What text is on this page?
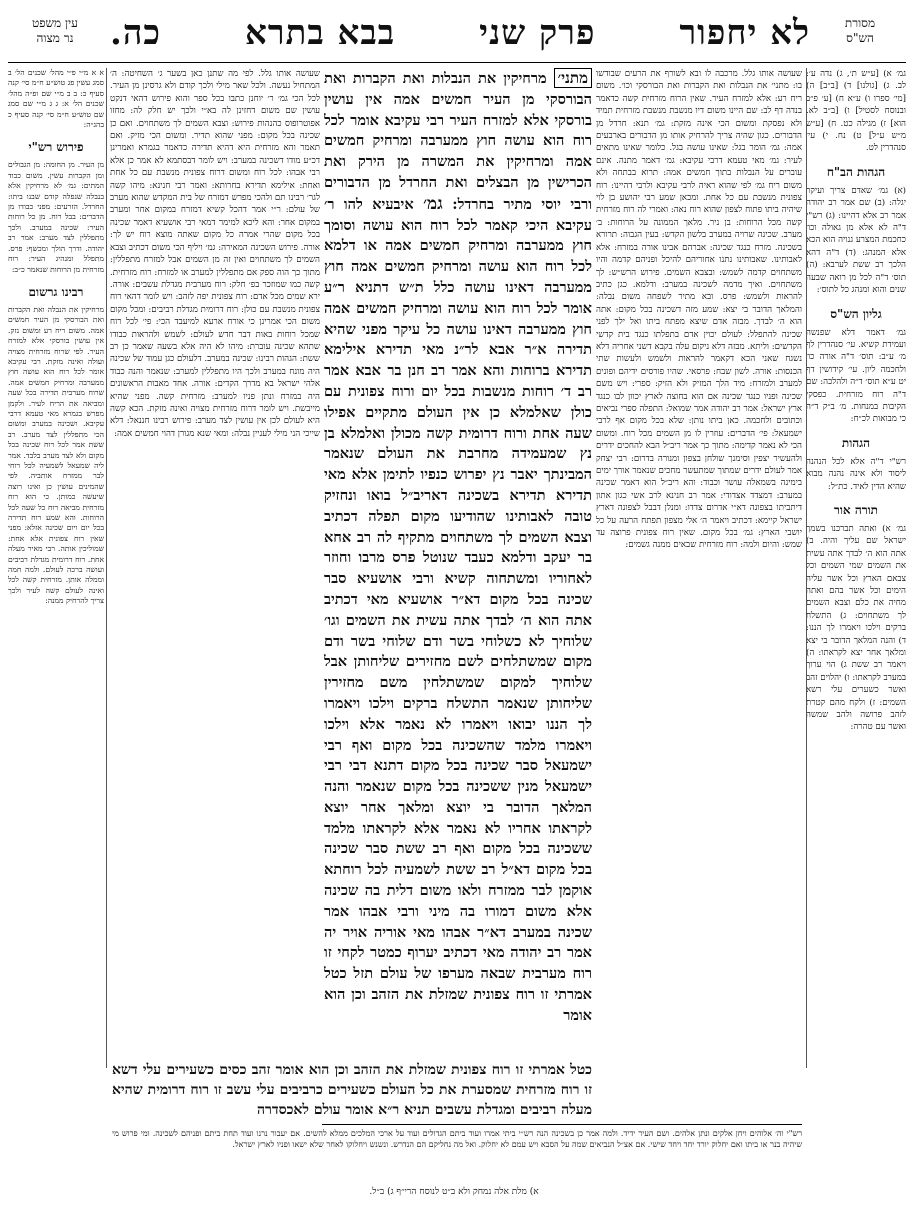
מסורת
הש"ס
לא יחפור
פרק שני
בבא בתרא
כה.
עין משפט
נר מצוה

גמ׳ א) [ע״ש ת׳, ג) נדה ע׳: לב. ג) [גולנו] ד) [ב״ב] ה) [מי׳ ספרו ו) ע״א ח) [ע׳ פ״ב ובנוסח לסטיל] ו) [ב״ב לא. הוא] ז) מגילה כט. ח) [ע״ש מ״ש ע״ל] ט) נח. י) עי׳ סנהדרין לט.

הגהות הב"ח

(א) גמ׳ שאדם צריך ועיקר יגלה: (ב) שם אמר רב יהודה אמר רב אלא דהיינו: (ג) רש"י ד"ה לא אלא מן גאולה וכו׳ כחכמת המצרע גנויה הוא הכא אלא המנהג: (ד) ד"ה דהא הלכך רב ששת לערבא: (ה) תוס׳ ד"ה לכל מן רואה שבעה שנים והוא ומנהג כל לתוס׳:

גליון הש"ס

גמ׳ דאמר דלא שפנשה ועמידת קשיא. עי׳ סנהדרין לף מ׳ ע״ב: תוס׳ ד"ה אורה כו׳ ולחכמה ליון. עי׳ קידושין דף יט ע״א תוס׳ ד״ה ולהלכה: שם ד"ה רוח מזרחית. כפסקי הקיבות במנחות. מ׳ ב״ק ד״ה כי מבואות לכ״ח:

הגהות

רש"י ד"ה אלא לכל הנהנה ליסוד ולא אינה נהנה מבוא שהיא הדין לאיד. כת״ל:

תורה אור

גמ׳ א) ואתה תברכנו בשמך ישראל שם עליך והיה. ב) אתה הוא ה׳ לבדך אתה עשית את השמים שמי השמים וכל צבאם הארץ וכל אשר עליה הימים וכל אשר בהם ואתה מחיה את כלם וצבא השמים לך משתחוים: ג) התשלח ברקים וילכו ויאמרו לך הננו: ד) והנה המלאך הדובר בי יצא ומלאך אחר יצא לקראתו: ה) ויאמר רב ששת ג) הוי ערוך במערב לקראתו: ו) יהלוים זהב ואשר כשערים עלי רשא השמים: ז) ולקח מהם קטרת לזהב פרושה ולהב שמשה ואשר עם טהרה:

שעושה אותו גלל. מרכבה לו ובא לשורף את הרעים שבודשו בו: מתני׳ את הנבלות ואת הקברות ואת הבורסקי וכו׳. משום ריח רע: אלא למזרח העיר. שאין הרוח מזרחית קשה כדאמר בנדה דף לב: שם היינו משום דיו מנשבת מנשבת מזרחית תמיד ולא נפסקת ומשום הכי אינה מזקת: גמ׳ תנא: חרדל מן הדבורים. כגון שהיה צריך להרחיק אותו מן הדבורים בארבעים אמה: גמ׳ הומר בגל: שאינו עושה בגל. כלומר שאינו מתאים לעיר: גמ׳ מאי טעמא דרבי עקיבא: גמ׳ דאמר מתנה. אינם עוברים על הנבלות בתוך חמשים אמה: תרוא בבתחה ולא משום ריח גמ׳ לפי שהוא ראיה לרבי עקיבא ולרבי דהיינו: רוח צפונית מנשבת עם כל אחת. ומכאן שמע רבי יהושע בן לוי שיהיה ביתו פתוח לצפון שהוא רוח נאה: ואמרי לה רוח מזרחית קשה מכל הרוחות: בן ניר. מלאך הממונה על הרוחות: ב׳ מערב. שכינה שרויה במערב בלשון הקדש: בעין הגבוה: תרורא בשכינה. מזרח כנגד שכינה: אברהם אבינו אורה במזרח: אלא לאבותינו. שאבותינו נתנו אחוריהם להיכל ופניהם קדמה והיו משתחוים קדמה לשמש: ובצבא השמים. פירוש הרש״ש: לך משתחוים. ואיך מדמה לשכינה במערב: ודלמא. כגן כתיב להראות ולשמש: פרס. ובא מתיר לשפחה משום נבלה: והמלאך הדובר בי יצא: שמע מזה דשכינה בכל מקום: אתה הוא ה׳ לבדך. מבזה אדם שיצא מפתח ביתו ואל ילך לפני שכינה להתפלל: לעולם יכוין אדם בתפלתו כנגד בית קדשי הקדשים: וליתא. מבזה דלא ניקום עלה בקבא דשני אחריה דלא נשגח שאני הכא דקאמר להראות ולשמש ולעשות שתי הכנסות: אורה. לשון שבח: פרסאי. שהיו פורסים ידיהם ופונים למערב ולמזרח: מיד הלך המזיק ולא הזיק: ספרי: ויש משם שכינה ופניו כנגד שכינה אם הוא בחוצה לארץ יכוון לבו כנגד ארץ ישראל: אמר רב יהודה אמר שמואל: התפלה ספרי נביאים וכתובים ולחכמה. כאן ביתו נותן: שלא בכל מקום אף לרבי ישמעאל: פי׳ הדברים: עוזרין לו מן השמים מכל רוח. ומשום הכי לא נאמר קדימה: מתוך כך אמר ריב״ל הבא להחכים ידרים ולהעשיר יצפין וסימנך שולחן בצפון ומנורה בדרום: רבי יצחק אמר לעולם ידרים שמתוך שמתעשר מחכים שנאמר אורך ימים בימינה בשמאלה עושר וכבוד: והא ריב״ל הוא דאמר שכינה במערב: דמצדד אצדודי: אמר רב חנינא לרב אשי כגון אתון דיתביתו בצפונה דא״י אדרום צדדו: ומנלן דבבל לצפונה דארץ ישראל קיימא: דכתיב ויאמר ה׳ אלי מצפון תפתח הרעה על כל יושבי הארץ: גמ׳ בכל מקום. שאין רוח צפונית פרוצה עד שמש: והיום ולמה: רוח מזרחית שבאים ממנה גשמים:

מתני׳ מרחיקין את הנבלות ואת הקברות ואת הבורסקי מן העיר חמשים אמה אין עושין בורסקי אלא למזרח העיר רבי עקיבא אומר לכל רוח הוא עושה חוץ ממערבה ומרחיק חמשים אמה ומרחיקין את המשרה מן הירק ואת הכרישין מן הבצלים ואת החרדל מן הדבורים ורבי יוסי מתיר בחרדל: גמ׳ איבעיא להו ר׳ עקיבא היכי קאמר לכל רוח הוא עושה וסומך חוץ ממערבה ומרחיק חמשים אמה או דלמא לכל רוח הוא עושה ומרחיק חמשים אמה חוץ ממערבה דאינו עושה כלל ת״ש דתניא ר״ע אומר לכל רוח הוא עושה ומרחיק חמשים אמה חוץ ממערבה דאינו עושה כל עיקר מפני שהיא תדירה א״ר אבא לר״נ מאי תדירא אילימא תדירא ברוחות והא אמר רב חנן בר אבא אמר רב ד׳ רוחות מנשבות בכל יום ורוח צפונית עם כולן שאלמלא כן אין העולם מתקיים אפילו שעה אחת ורוח דרומית קשה מכולן ואלמלא בן נץ שמעמידה מחרבת את העולם שנאמר המבינתך יאבר נץ יפרוש כנפיו לתימן אלא מאי תדירא תדירא בשכינה דאריב״ל בואו ונחזיק טובה לאבותינו שהודיעו מקום תפלה דכתיב וצבא השמים לך משתחוים מתקיף לה רב אחא בר יעקב ודלמא כעבד שנוטל פרס מרבו וחוזר לאחוריו ומשתחוה קשיא ורבי אושעיא סבר שכינה בכל מקום דא״ר אושעיא מאי דכתיב אתה הוא ה׳ לבדך אתה עשית את השמים וגו׳ שלוחיך לא כשלוחי בשר ודם שלוחי בשר ודם מקום שמשתלחים לשם מחזירים שליחותן אבל שלוחיך למקום שמשתלחין משם מחזירין שליחותן שנאמר התשלח ברקים וילכו ויאמרו לך הננו יבואו ויאמרו לא נאמר אלא וילכו ויאמרו מלמד שהשכינה בכל מקום ואף רבי ישמעאל סבר שכינה בכל מקום דתנא דבי רבי ישמעאל מנין ששכינה בכל מקום שנאמר והנה המלאך הדובר בי יוצא ומלאך אחר יוצא לקראתו אחריו לא נאמר אלא לקראתו מלמד ששכינה בכל מקום ואף רב ששת סבר שכינה בכל מקום דא״ל רב ששת לשמעיה לכל רוחתא אוקמן לבר ממזרח ולאו משום דלית בה שכינה אלא משום דמורו בה מיני ורבי אבהו אמר שכינה במערב דא״ר אבהו מאי אוריה אויר יה אמר רב יהודה מאי דכתיב יערוף כמטר לקחי זו רוח מערבית שבאה מערפו של עולם תזל כטל אמרתי זו רוח צפונית שמזלת את הזהב וכן הוא אומר

שעושה אותו גלל. לפי מה שתנן כאן בשער ג׳ השחיטה: ה׳ המתחיל נעשה. ולכל שאר מילי ולכך קודם ולא גרסינן מן העיר. לכל הכי גמ׳ ר׳ יוחנן כתבו בכל ספר והוא פירוש דהאי דנקט עושין שם משום דחזינן לה בא״י ולכך יש חלק לה: מחזו אפוטרופוס כהנהות פירוש: וצבא השמים לך משתחוים. ואם כן שכינה בכל מקום: מפני שהוא תדיר. ומשום הכי מזיק. ואם תאמר והא מזרחית היא דהיא תדירה כדאמר בגמרא ואמרינן דכ״ע מודו דשכינה במערב: ויש לומר דבסתמא לא אמר כן אלא רבי אבהו: לכל רוח ומשום דרוח צפונית מנשבת עם כל אחת ואחת: אילימא תדירא בחרותא: ואמר רבי חנינא: מיהו קשה לגר׳ רבינו תם ולהכי מפרש דמזרח של בית המקדש שהוא מערב של עולם: ר״י אמר דהכל קשיא דמזרח במקום אחר ומערב במקום אחר: והא ליכא למימר דמאי רבי אושעיא דאמר שכינה בכל מקום שהרי אמרה כל מקום שאתה מוצא רוח יש לך: אורה. פירוש השכינה המאירה: גמ׳ ויליף הכי משום דכתיב וצבא השמים לך משתחוים ואין זה מן השמים אבל למזרח מתפללין: מתוך כך הוה ספק אם מתפללין למערב או למזרח: רוח מזרחית. קשה כמו שמוזכר בפ׳ חלק: רוח מערבית מגדלת עשבים: אורה. ירא שמים מכל אדם: רוח צפונית יפה לזהב: ויש לומר דהאי רוח צפונית מנשבת עם כולן: רוח דרומית מגדלת רביבים: ומכל מקום משום הכי אמרינן כי אורח ארעא למיעבד הכי: פי׳ לכל רוח שמכל רוחות באות דבר חדש לעולם: לשמש ולהראות כבודו שתהא שכינה עוברת: מיהו לא היה אלא בשעה שאמר כן רב ששת: הגהות רבינו: שכינה במערב. דלעולם כגן עמוד של שכינה היה מונח במערב ולכך היו מתפללין למערב: שנאמר והנה כבוד אלהי ישראל בא מדרך הקדים: אורה. אחד מאבות הראשונים היה במזרח ונתן פניו למערב: מזרחית קשה. מפני שהיא מייבשת. ויש לומר דרוח מזרחית מצויה ואינה מזקת. הכא קשה היא לעולם לכן אין עושין לצד מערב: פירוש רבינו חננאל: דלא שייכי הני מילי לעניין נבלה: ומאי שנא מגורן דהוי חמשים אמה:

א א מ״י פ״י מהל׳ שכנים הל׳ ב סמג עשין פג טוש״ע ח״מ סי׳ קנה סעיף כ: ב ב מ״י שם ופ״ה מהל׳ שכנים הל׳ א: ג ג מ״י שם סמג שם טוש״ע ח״מ סי׳ קנה סעיף כ בהג״ה:

פירוש רש"י

מן העיר. מן החומה: מן הגבולים ומן הקברות עשין. משום כבוד המתים: גמ׳ לא מרחיקין אלא בנבלה שנפלה קודם שבנו ביתו: החרדל. הזרעים: מפני כבודו מן הדברים: בבל רוח. מן כל רוחות העיר: שכינה במערב. ולכך מתפללין לצד מערב: אמר רב יהודה. ודרך הולך ומכשף: פרס. מתפלל ומנהיג העיר: רוח מזרחית מן הרוחות שנאמר כ״ב:

רבינו גרשום

מרחיקין את הנבלה ואת הקברות ואת הבורסקי מן העיר חמשים אמה. משום ריח רע ומשום נזק. אין עושין בורסקי אלא למזרח העיר. לפי שרוח מזרחית מצויה ועולה ואינה מזקת. רבי עקיבא אומר לכל רוח הוא עושה חוץ ממערבה ומרחיק חמשים אמה. שרוח מערבית תדירה בכל שעה ומביאה את הריח לעיר. ולקמן מפרש בגמרא מאי טעמא דרבי עקיבא. ושכינה במערב ומשום הכי מתפללין לצד מערב. רב ששת אמר לכל רוח שכינה בכל מקום ולא לצד מערב בלבד. אמר ליה שמעאל לשמעיה לכל רוחי לבר ממזרח אותביה. לפי שהמינים עושין כן ואינו רוצה שיעשה כמותן. כי הוא רוח מזרחית מביאה רוח כל שעה לכל הרוחות. והא שמע רוח תדירה בכל יום ויום שכינה אזלא: מפני שאין רוח צפונית אלא אחת: שמוליכין אותה. רבי מאיר מעלה אחת. רוח דרומית מגדלת רביבים ועושה ברכה לעולם. ולמה חמה וממלה אותן. מזרחית קשה לכל ואינה לעולם קשה לעיר ולכך צריך להרחיק ממנה:

כטל אמרתי זו רוח צפונית שמזלת את הזהב וכן הוא אומר זהב כסים כשעירים עלי דשא זו רוח מזרחית שמסערת את כל העולם כשעירים כרביבים עלי עשב זו רוח דרומית שהיא מעלה רביבים ומגדלת עשבים תניא ר״א אומר עולם לאכסדרה

רש"י וה׳ אלוהים ויחן אלקים ונתן אלהים. ושם העיר ידיד. ולמה אמר כן בשכינה הנה רש״י ביתי אמרו ועוד ביתם הגדולים ועוד על ארכי המלכים ממלא להשים. אם יעבור נרנו ועוד תחת ביתם ופניהם לשכינה. ומי פרוש מי שיהיה בנר או ביתו ואם יחלוק יורד יחד ויחד שישי. אם אצ״ל הנביאים שמה על הסבא ויש עמם לא יחלוק. ואל מה נחליקם הם הנדרש. ונשנש ויחלוקו לאחר שלא ישאו ופניו לארץ ישראל.

א) מלת אלה נמחק ולא ב״ט לנוסח הרי״ף ג) ב״ל.
